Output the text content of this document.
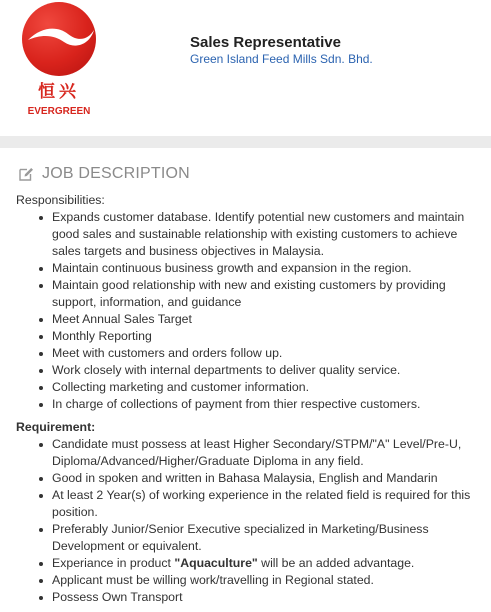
恒兴
EVERGREEN
Sales Representative
Green Island Feed Mills Sdn. Bhd.
JOB DESCRIPTION

Responsibilities:

Expands customer database. Identify potential new customers and maintain good sales and sustainable relationship with existing customers to achieve sales targets and business objectives in Malaysia.
Maintain continuous business growth and expansion in the region.
Maintain good relationship with new and existing customers by providing support, information, and guidance
Meet Annual Sales Target
Monthly Reporting
Meet with customers and orders follow up.
Work closely with internal departments to deliver quality service.
Collecting marketing and customer information.
In charge of collections of payment from thier respective customers.

Requirement:

Candidate must possess at least Higher Secondary/STPM/"A" Level/Pre-U, Diploma/Advanced/Higher/Graduate Diploma in any field.
Good in spoken and written in Bahasa Malaysia, English and Mandarin
At least 2 Year(s) of working experience in the related field is required for this position.
Preferably Junior/Senior Executive specialized in Marketing/Business Development or equivalent.
Experiance in product "Aquaculture" will be an added advantage.
Applicant must be willing work/travelling in Regional stated.
Possess Own Transport
